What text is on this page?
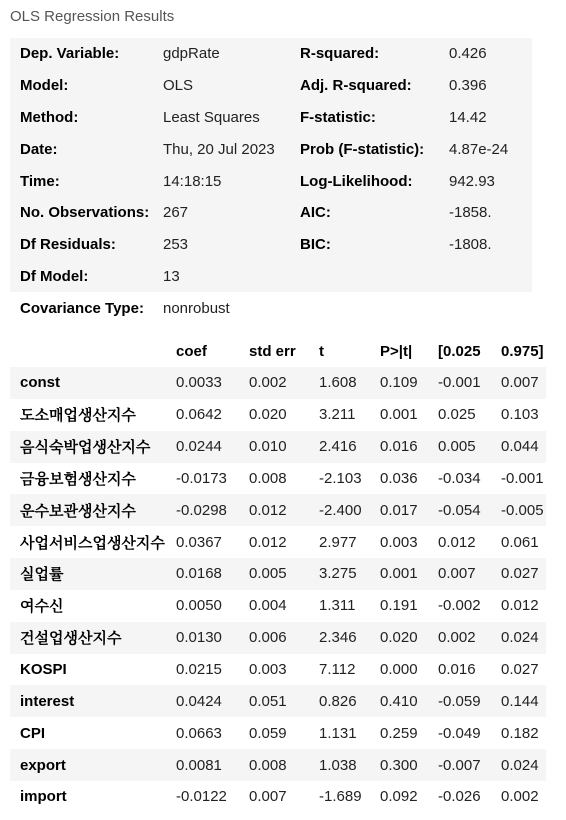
OLS Regression Results
Dep. Variable:	gdpRate	R-squared:	0.426
Model:	OLS	Adj. R-squared:	0.396
Method:	Least Squares	F-statistic:	14.42
Date:	Thu, 20 Jul 2023	Prob (F-statistic):	4.87e-24
Time:	14:18:15	Log-Likelihood:	942.93
No. Observations:	267	AIC:	-1858.
Df Residuals:	253	BIC:	-1808.
Df Model:	13		
Covariance Type:	nonrobust		
	coef	std err	t	P>|t|	[0.025	0.975]
const	0.0033	0.002	1.608	0.109	-0.001	0.007
도소매업생산지수	0.0642	0.020	3.211	0.001	0.025	0.103
음식숙박업생산지수	0.0244	0.010	2.416	0.016	0.005	0.044
금융보험생산지수	-0.0173	0.008	-2.103	0.036	-0.034	-0.001
운수보관생산지수	-0.0298	0.012	-2.400	0.017	-0.054	-0.005
사업서비스업생산지수	0.0367	0.012	2.977	0.003	0.012	0.061
실업률	0.0168	0.005	3.275	0.001	0.007	0.027
여수신	0.0050	0.004	1.311	0.191	-0.002	0.012
건설업생산지수	0.0130	0.006	2.346	0.020	0.002	0.024
KOSPI	0.0215	0.003	7.112	0.000	0.016	0.027
interest	0.0424	0.051	0.826	0.410	-0.059	0.144
CPI	0.0663	0.059	1.131	0.259	-0.049	0.182
export	0.0081	0.008	1.038	0.300	-0.007	0.024
import	-0.0122	0.007	-1.689	0.092	-0.026	0.002
